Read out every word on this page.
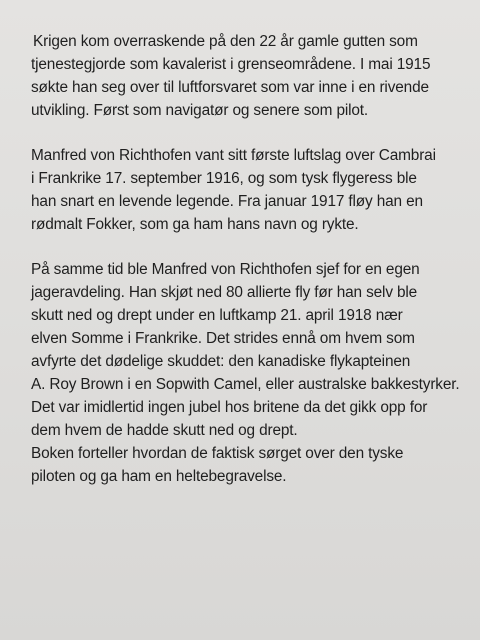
Krigen kom overraskende på den 22 år gamle gutten som
tjenestegjorde som kavalerist i grenseområdene. I mai 1915
søkte han seg over til luftforsvaret som var inne i en rivende
utvikling. Først som navigatør og senere som pilot.

Manfred von Richthofen vant sitt første luftslag over Cambrai
i Frankrike 17. september 1916, og som tysk flygeress ble
han snart en levende legende. Fra januar 1917 fløy han en
rødmalt Fokker, som ga ham hans navn og rykte.

På samme tid ble Manfred von Richthofen sjef for en egen
jageravdeling. Han skjøt ned 80 allierte fly før han selv ble
skutt ned og drept under en luftkamp 21. april 1918 nær
elven Somme i Frankrike. Det strides ennå om hvem som
avfyrte det dødelige skuddet: den kanadiske flykapteinen
A. Roy Brown i en Sopwith Camel, eller australske bakkestyrker.
Det var imidlertid ingen jubel hos britene da det gikk opp for
dem hvem de hadde skutt ned og drept.
Boken forteller hvordan de faktisk sørget over den tyske
piloten og ga ham en heltebegravelse.
